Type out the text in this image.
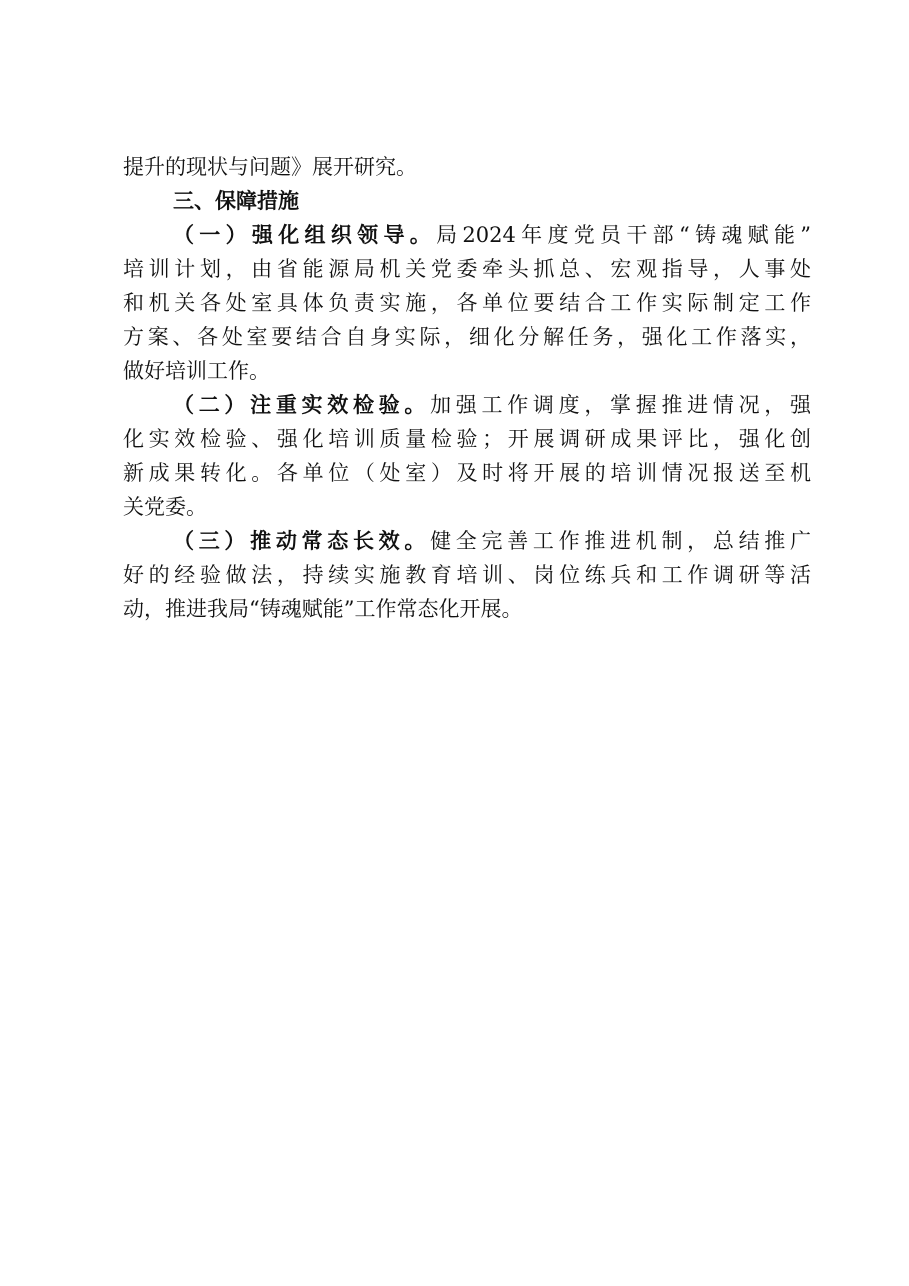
提升的现状与问题》展开研究。
三、保障措施
（一）强化组织领导。局2024年度党员干部“铸魂赋能”
培训计划，由省能源局机关党委牵头抓总、宏观指导，人事处
和机关各处室具体负责实施，各单位要结合工作实际制定工作
方案、各处室要结合自身实际，细化分解任务，强化工作落实，
做好培训工作。
（二）注重实效检验。加强工作调度，掌握推进情况，强
化实效检验、强化培训质量检验；开展调研成果评比，强化创
新成果转化。各单位（处室）及时将开展的培训情况报送至机
关党委。
（三）推动常态长效。健全完善工作推进机制，总结推广
好的经验做法，持续实施教育培训、岗位练兵和工作调研等活
动，推进我局“铸魂赋能”工作常态化开展。
